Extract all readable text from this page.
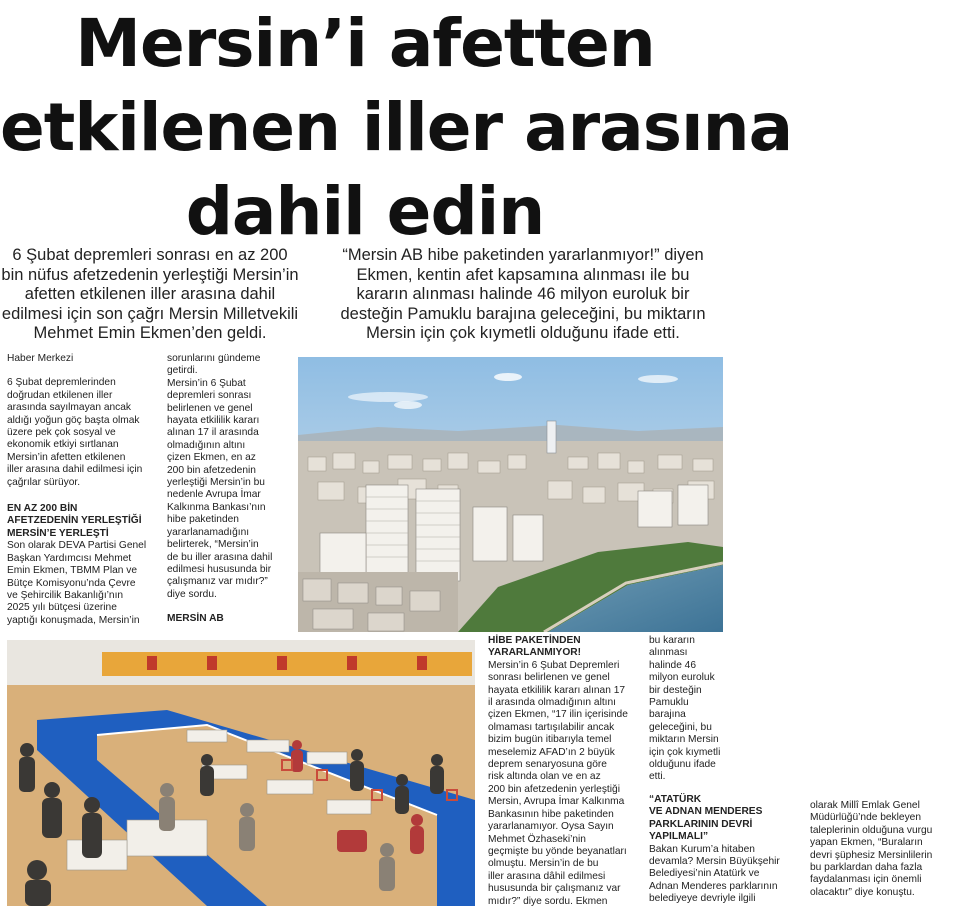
Mersin’i afetten
etkilenen iller arasına
dahil edin
6 Şubat depremleri sonrası en az 200
bin nüfus afetzedenin yerleştiği Mersin’in
afetten etkilenen iller arasına dahil
edilmesi için son çağrı Mersin Milletvekili
Mehmet Emin Ekmen’den geldi.
“Mersin AB hibe paketinden yararlanmıyor!” diyen
Ekmen, kentin afet kapsamına alınması ile bu
kararın alınması halinde 46 milyon euroluk bir
desteğin Pamuklu barajına geleceğini, bu miktarın
Mersin için çok kıymetli olduğunu ifade etti.
Haber Merkezi
6 Şubat depremlerinden
doğrudan etkilenen iller
arasında sayılmayan ancak
aldığı yoğun göç başta olmak
üzere pek çok sosyal ve
ekonomik etkiyi sırtlanan
Mersin’in afetten etkilenen
iller arasına dahil edilmesi için
çağrılar sürüyor.
EN AZ 200 BİN
AFETZEDENİN YERLEŞTİĞİ
MERSİN’E YERLEŞTİ
Son olarak DEVA Partisi Genel
Başkan Yardımcısı Mehmet
Emin Ekmen, TBMM Plan ve
Bütçe Komisyonu’nda Çevre
ve Şehircilik Bakanlığı’nın
2025 yılı bütçesi üzerine
yaptığı konuşmada, Mersin’in
sorunlarını gündeme
getirdi.
Mersin’in 6 Şubat
depremleri sonrası
belirlenen ve genel
hayata etkililik kararı
alınan 17 il arasında
olmadığının altını
çizen Ekmen, en az
200 bin afetzedenin
yerleştiği Mersin’in bu
nedenle Avrupa İmar
Kalkınma Bankası’nın
hibe paketinden
yararlanamadığını
belirterek, “Mersin’in
de bu iller arasına dahil
edilmesi hususunda bir
çalışmanız var mıdır?”
diye sordu.
MERSİN AB
HİBE PAKETİNDEN
YARARLANMIYOR!
Mersin’in 6 Şubat Depremleri
sonrası belirlenen ve genel
hayata etkililik kararı alınan 17
il arasında olmadığının altını
çizen Ekmen, “17 ilin içerisinde
olmaması tartışılabilir ancak
bizim bugün itibarıyla temel
meselemiz AFAD’ın 2 büyük
deprem senaryosuna göre
risk altında olan ve en az
200 bin afetzedenin yerleştiği
Mersin, Avrupa İmar Kalkınma
Bankasının hibe paketinden
yararlanamıyor. Oysa Sayın
Mehmet Özhaseki’nin
geçmişte bu yönde beyanatları
olmuştu. Mersin’in de bu
iller arasına dâhil edilmesi
hususunda bir çalışmanız var
mıdır?” diye sordu. Ekmen
bu kararın
alınması
halinde 46
milyon euroluk
bir desteğin
Pamuklu
barajına
geleceğini, bu
miktarın Mersin
için çok kıymetli
olduğunu ifade
etti.
“ATATÜRK
VE ADNAN MENDERES
PARKLARININ DEVRİ
YAPILMALI”
Bakan Kurum’a hitaben
devamla? Mersin Büyükşehir
Belediyesi’nin Atatürk ve
Adnan Menderes parklarının
belediyeye devriyle ilgili
olarak Millî Emlak Genel
Müdürlüğü’nde bekleyen
taleplerinin olduğuna vurgu
yapan Ekmen, “Buraların
devri şüphesiz Mersinlilerin
bu parklardan daha fazla
faydalanması için önemli
olacaktır” diye konuştu.
